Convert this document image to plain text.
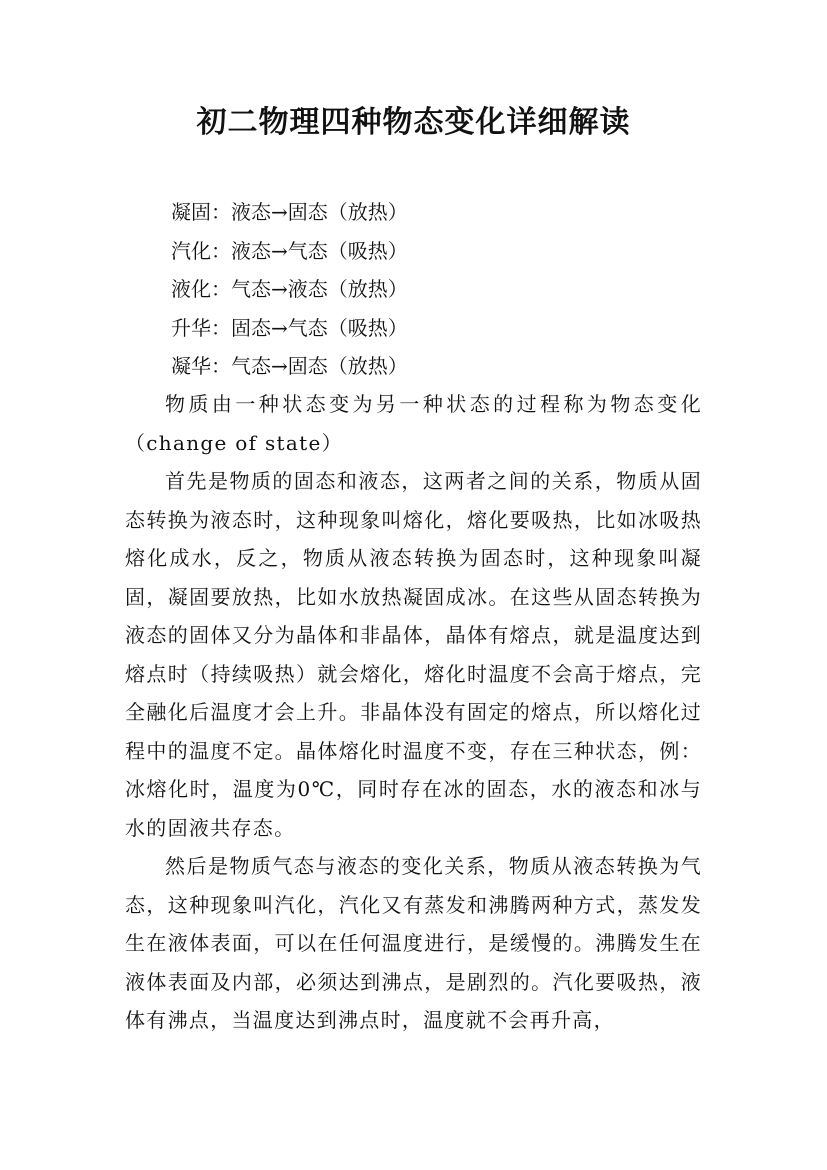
初二物理四种物态变化详细解读
凝固：液态→固态（放热）
汽化：液态→气态（吸热）
液化：气态→液态（放热）
升华：固态→气态（吸热）
凝华：气态→固态（放热）

物质由一种状态变为另一种状态的过程称为物态变化（change of state）

首先是物质的固态和液态，这两者之间的关系，物质从固态转换为液态时，这种现象叫熔化，熔化要吸热，比如冰吸热熔化成水，反之，物质从液态转换为固态时，这种现象叫凝固，凝固要放热，比如水放热凝固成冰。在这些从固态转换为液态的固体又分为晶体和非晶体，晶体有熔点，就是温度达到熔点时（持续吸热）就会熔化，熔化时温度不会高于熔点，完全融化后温度才会上升。非晶体没有固定的熔点，所以熔化过程中的温度不定。晶体熔化时温度不变，存在三种状态，例：冰熔化时，温度为0℃，同时存在冰的固态，水的液态和冰与水的固液共存态。

然后是物质气态与液态的变化关系，物质从液态转换为气态，这种现象叫汽化，汽化又有蒸发和沸腾两种方式，蒸发发生在液体表面，可以在任何温度进行，是缓慢的。沸腾发生在液体表面及内部，必须达到沸点，是剧烈的。汽化要吸热，液体有沸点，当温度达到沸点时，温度就不会再升高，
